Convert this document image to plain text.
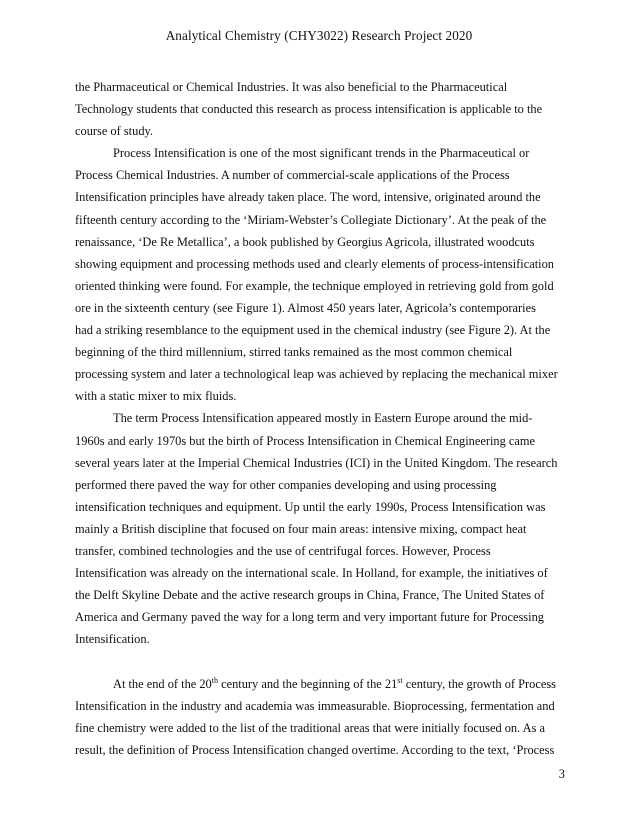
Analytical Chemistry (CHY3022) Research Project 2020
the Pharmaceutical or Chemical Industries. It was also beneficial to the Pharmaceutical
Technology students that conducted this research as process intensification is applicable to the
course of study.
Process Intensification is one of the most significant trends in the Pharmaceutical or
Process Chemical Industries. A number of commercial-scale applications of the Process
Intensification principles have already taken place. The word, intensive, originated around the
fifteenth century according to the ‘Miriam-Webster’s Collegiate Dictionary’. At the peak of the
renaissance, ‘De Re Metallica’, a book published by Georgius Agricola, illustrated woodcuts
showing equipment and processing methods used and clearly elements of process-intensification
oriented thinking were found. For example, the technique employed in retrieving gold from gold
ore in the sixteenth century (see Figure 1). Almost 450 years later, Agricola’s contemporaries
had a striking resemblance to the equipment used in the chemical industry (see Figure 2). At the
beginning of the third millennium, stirred tanks remained as the most common chemical
processing system and later a technological leap was achieved by replacing the mechanical mixer
with a static mixer to mix fluids.
The term Process Intensification appeared mostly in Eastern Europe around the mid-
1960s and early 1970s but the birth of Process Intensification in Chemical Engineering came
several years later at the Imperial Chemical Industries (ICI) in the United Kingdom. The research
performed there paved the way for other companies developing and using processing
intensification techniques and equipment. Up until the early 1990s, Process Intensification was
mainly a British discipline that focused on four main areas: intensive mixing, compact heat
transfer, combined technologies and the use of centrifugal forces. However, Process
Intensification was already on the international scale. In Holland, for example, the initiatives of
the Delft Skyline Debate and the active research groups in China, France, The United States of
America and Germany paved the way for a long term and very important future for Processing
Intensification.
At the end of the 20th century and the beginning of the 21st century, the growth of Process
Intensification in the industry and academia was immeasurable. Bioprocessing, fermentation and
fine chemistry were added to the list of the traditional areas that were initially focused on. As a
result, the definition of Process Intensification changed overtime. According to the text, ‘Process
3
